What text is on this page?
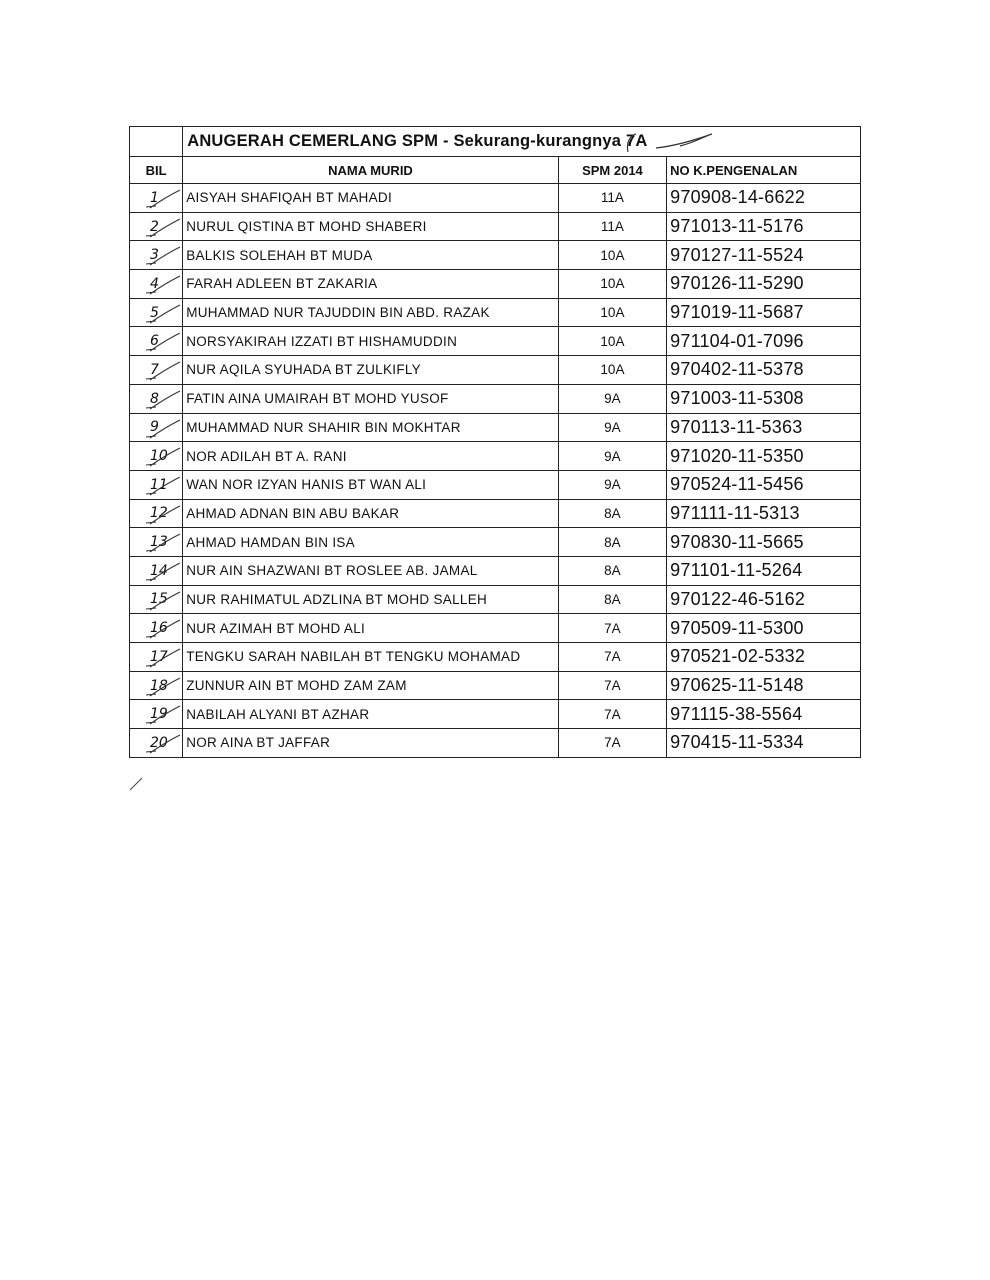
	ANUGERAH CEMERLANG SPM - Sekurang-kurangnya 7A		
BIL	NAMA MURID	SPM 2014	NO K.PENGENALAN
1	AISYAH SHAFIQAH BT MAHADI	11A	970908-14-6622
2	NURUL QISTINA BT MOHD SHABERI	11A	971013-11-5176
3	BALKIS SOLEHAH BT MUDA	10A	970127-11-5524
4	FARAH ADLEEN BT ZAKARIA	10A	970126-11-5290
5	MUHAMMAD NUR TAJUDDIN BIN ABD. RAZAK	10A	971019-11-5687
6	NORSYAKIRAH IZZATI BT HISHAMUDDIN	10A	971104-01-7096
7	NUR AQILA SYUHADA BT ZULKIFLY	10A	970402-11-5378
8	FATIN AINA UMAIRAH BT MOHD YUSOF	9A	971003-11-5308
9	MUHAMMAD NUR SHAHIR BIN MOKHTAR	9A	970113-11-5363
10	NOR ADILAH BT A. RANI	9A	971020-11-5350
11	WAN NOR IZYAN HANIS BT WAN ALI	9A	970524-11-5456
12	AHMAD ADNAN BIN ABU BAKAR	8A	971111-11-5313
13	AHMAD HAMDAN BIN ISA	8A	970830-11-5665
14	NUR AIN SHAZWANI BT ROSLEE AB. JAMAL	8A	971101-11-5264
15	NUR RAHIMATUL ADZLINA BT MOHD SALLEH	8A	970122-46-5162
16	NUR AZIMAH BT MOHD ALI	7A	970509-11-5300
17	TENGKU SARAH NABILAH BT TENGKU MOHAMAD	7A	970521-02-5332
18	ZUNNUR AIN BT MOHD ZAM ZAM	7A	970625-11-5148
19	NABILAH ALYANI BT AZHAR	7A	971115-38-5564
20	NOR AINA BT JAFFAR	7A	970415-11-5334
